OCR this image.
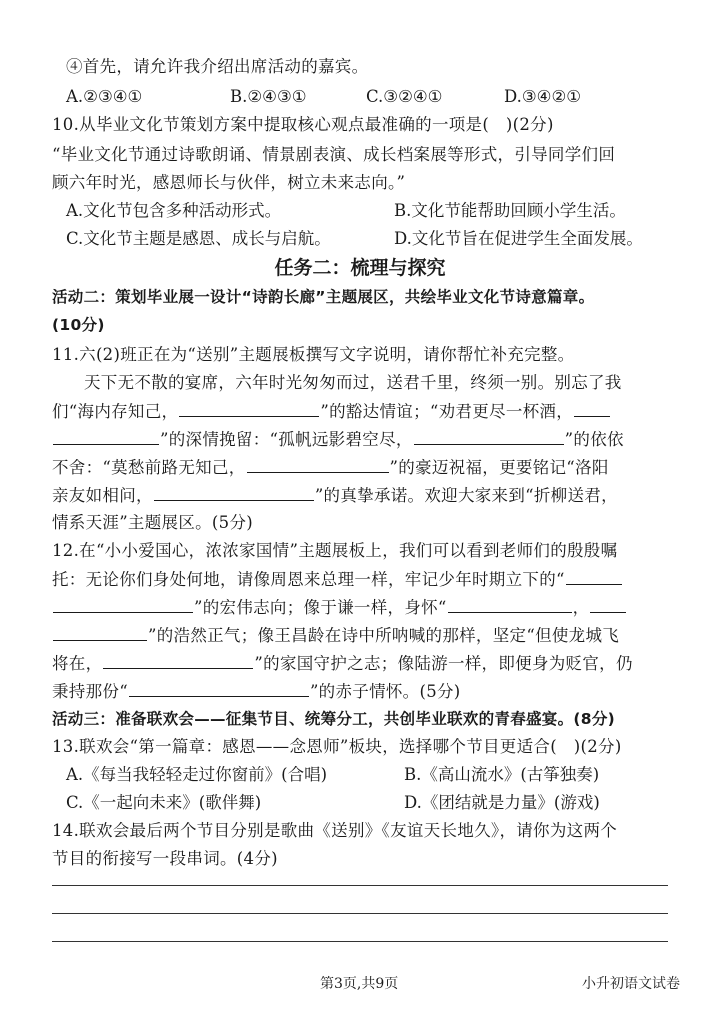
④首先，请允许我介绍出席活动的嘉宾。
A.②③④①	B.②④③①	C.③②④①	D.③④②①
10.从毕业文化节策划方案中提取核心观点最准确的一项是(　)(2分)
“毕业文化节通过诗歌朗诵、情景剧表演、成长档案展等形式，引导同学们回
顾六年时光，感恩师长与伙伴，树立未来志向。”
A.文化节包含多种活动形式。	B.文化节能帮助回顾小学生活。
C.文化节主题是感恩、成长与启航。	D.文化节旨在促进学生全面发展。
任务二：梳理与探究
活动二：策划毕业展一设计“诗韵长廊”主题展区，共绘毕业文化节诗意篇章。
(10分)
11.六(2)班正在为“送别”主题展板撰写文字说明，请你帮忙补充完整。
天下无不散的宴席，六年时光匆匆而过，送君千里，终须一别。别忘了我
们“海内存知己，	”的豁达情谊；“劝君更尽一杯酒，
”的深情挽留：“孤帆远影碧空尽，	”的依依
不舍：“莫愁前路无知己，	”的豪迈祝福，更要铭记“洛阳
亲友如相问，	”的真挚承诺。欢迎大家来到“折柳送君，
情系天涯”主题展区。(5分)
12.在“小小爱国心，浓浓家国情”主题展板上，我们可以看到老师们的殷殷嘱
托：无论你们身处何地，请像周恩来总理一样，牢记少年时期立下的“
”的宏伟志向；像于谦一样，身怀“	，
”的浩然正气；像王昌龄在诗中所呐喊的那样，坚定“但使龙城飞
将在，	”的家国守护之志；像陆游一样，即便身为贬官，仍
秉持那份“	”的赤子情怀。(5分)
活动三：准备联欢会——征集节目、统筹分工，共创毕业联欢的青春盛宴。(8分)
13.联欢会“第一篇章：感恩——念恩师”板块，选择哪个节目更适合(　)(2分)
A.《每当我轻轻走过你窗前》(合唱)	B.《高山流水》(古筝独奏)
C.《一起向未来》(歌伴舞)	D.《团结就是力量》(游戏)
14.联欢会最后两个节目分别是歌曲《送别》《友谊天长地久》，请你为这两个
节目的衔接写一段串词。(4分)
第3页,共9页	小升初语文试卷
